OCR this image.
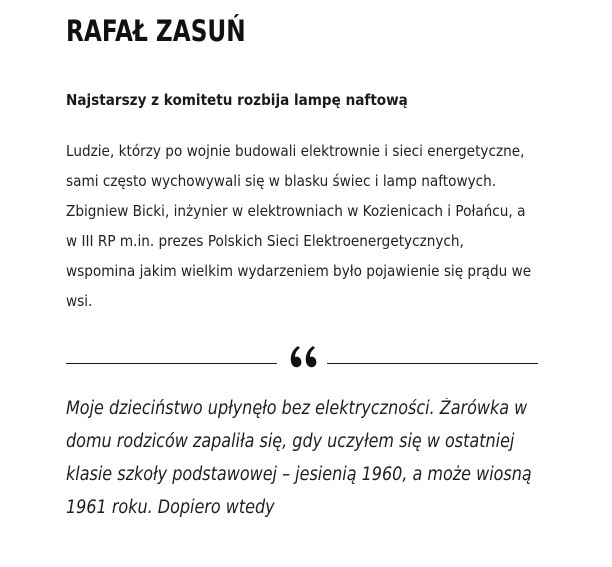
RAFAŁ ZASUŃ

Najstarszy z komitetu rozbija lampę naftową

Ludzie, którzy po wojnie budowali elektrownie i sieci energetyczne, sami często wychowywali się w blasku świec i lamp naftowych. Zbigniew Bicki, inżynier w elektrowniach w Kozienicach i Połańcu, a w III RP m.in. prezes Polskich Sieci Elektroenergetycznych, wspomina jakim wielkim wydarzeniem było pojawienie się prądu we wsi.

Moje dzieciństwo upłynęło bez elektryczności. Żarówka w domu rodziców zapaliła się, gdy uczyłem się w ostatniej klasie szkoły podstawowej – jesienią 1960, a może wiosną 1961 roku. Dopiero wtedy
